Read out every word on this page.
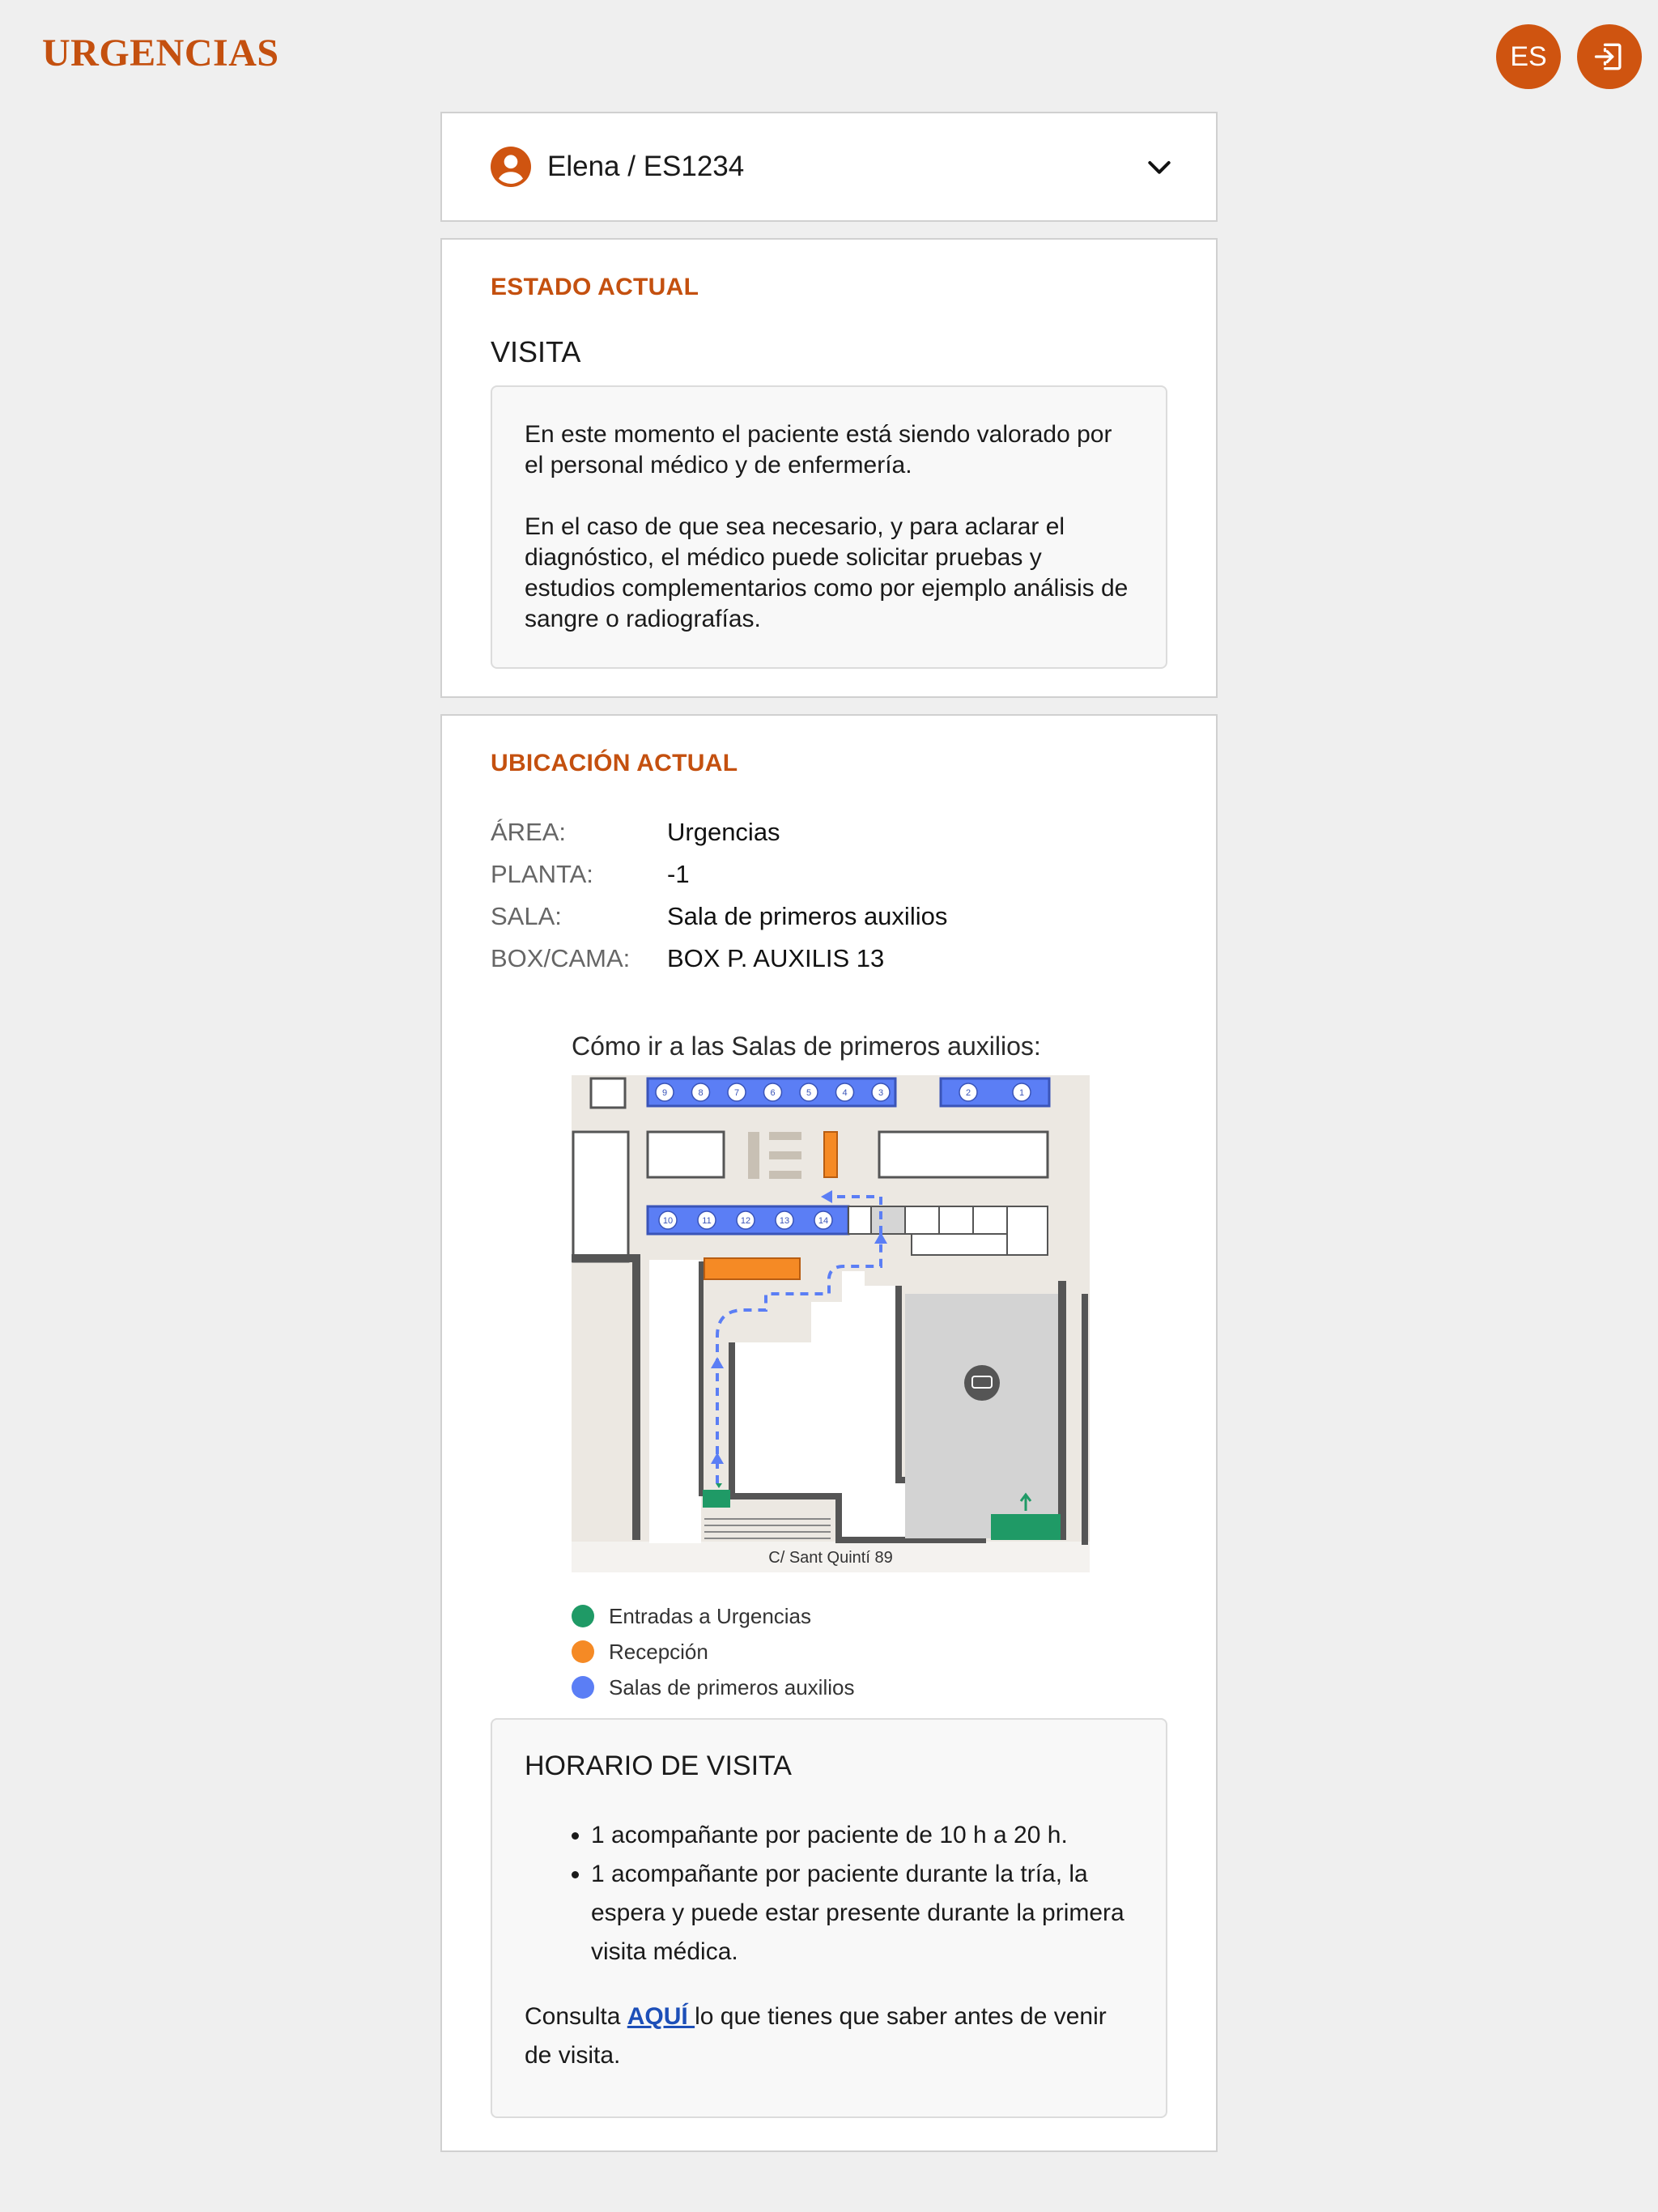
URGENCIAS	ES
Elena / ES1234
ESTADO ACTUAL
VISITA

En este momento el paciente está siendo valorado por el personal médico y de enfermería.

En el caso de que sea necesario, y para aclarar el diagnóstico, el médico puede solicitar pruebas y estudios complementarios como por ejemplo análisis de sangre o radiografías.

UBICACIÓN ACTUAL
ÁREA:	Urgencias
PLANTA:	-1
SALA:	Sala de primeros auxilios
BOX/CAMA:	BOX P. AUXILIS 13
Cómo ir a las Salas de primeros auxilios:
C/ Sant Quintí 89
9	8	7	6	5	4	3	2	1
10	11	12	13	14
Entradas a Urgencias
Recepción
Salas de primeros auxilios
HORARIO DE VISITA
• 1 acompañante por paciente de 10 h a 20 h.
• 1 acompañante por paciente durante la tría, la espera y puede estar presente durante la primera visita médica.
Consulta AQUÍ lo que tienes que saber antes de venir de visita.
